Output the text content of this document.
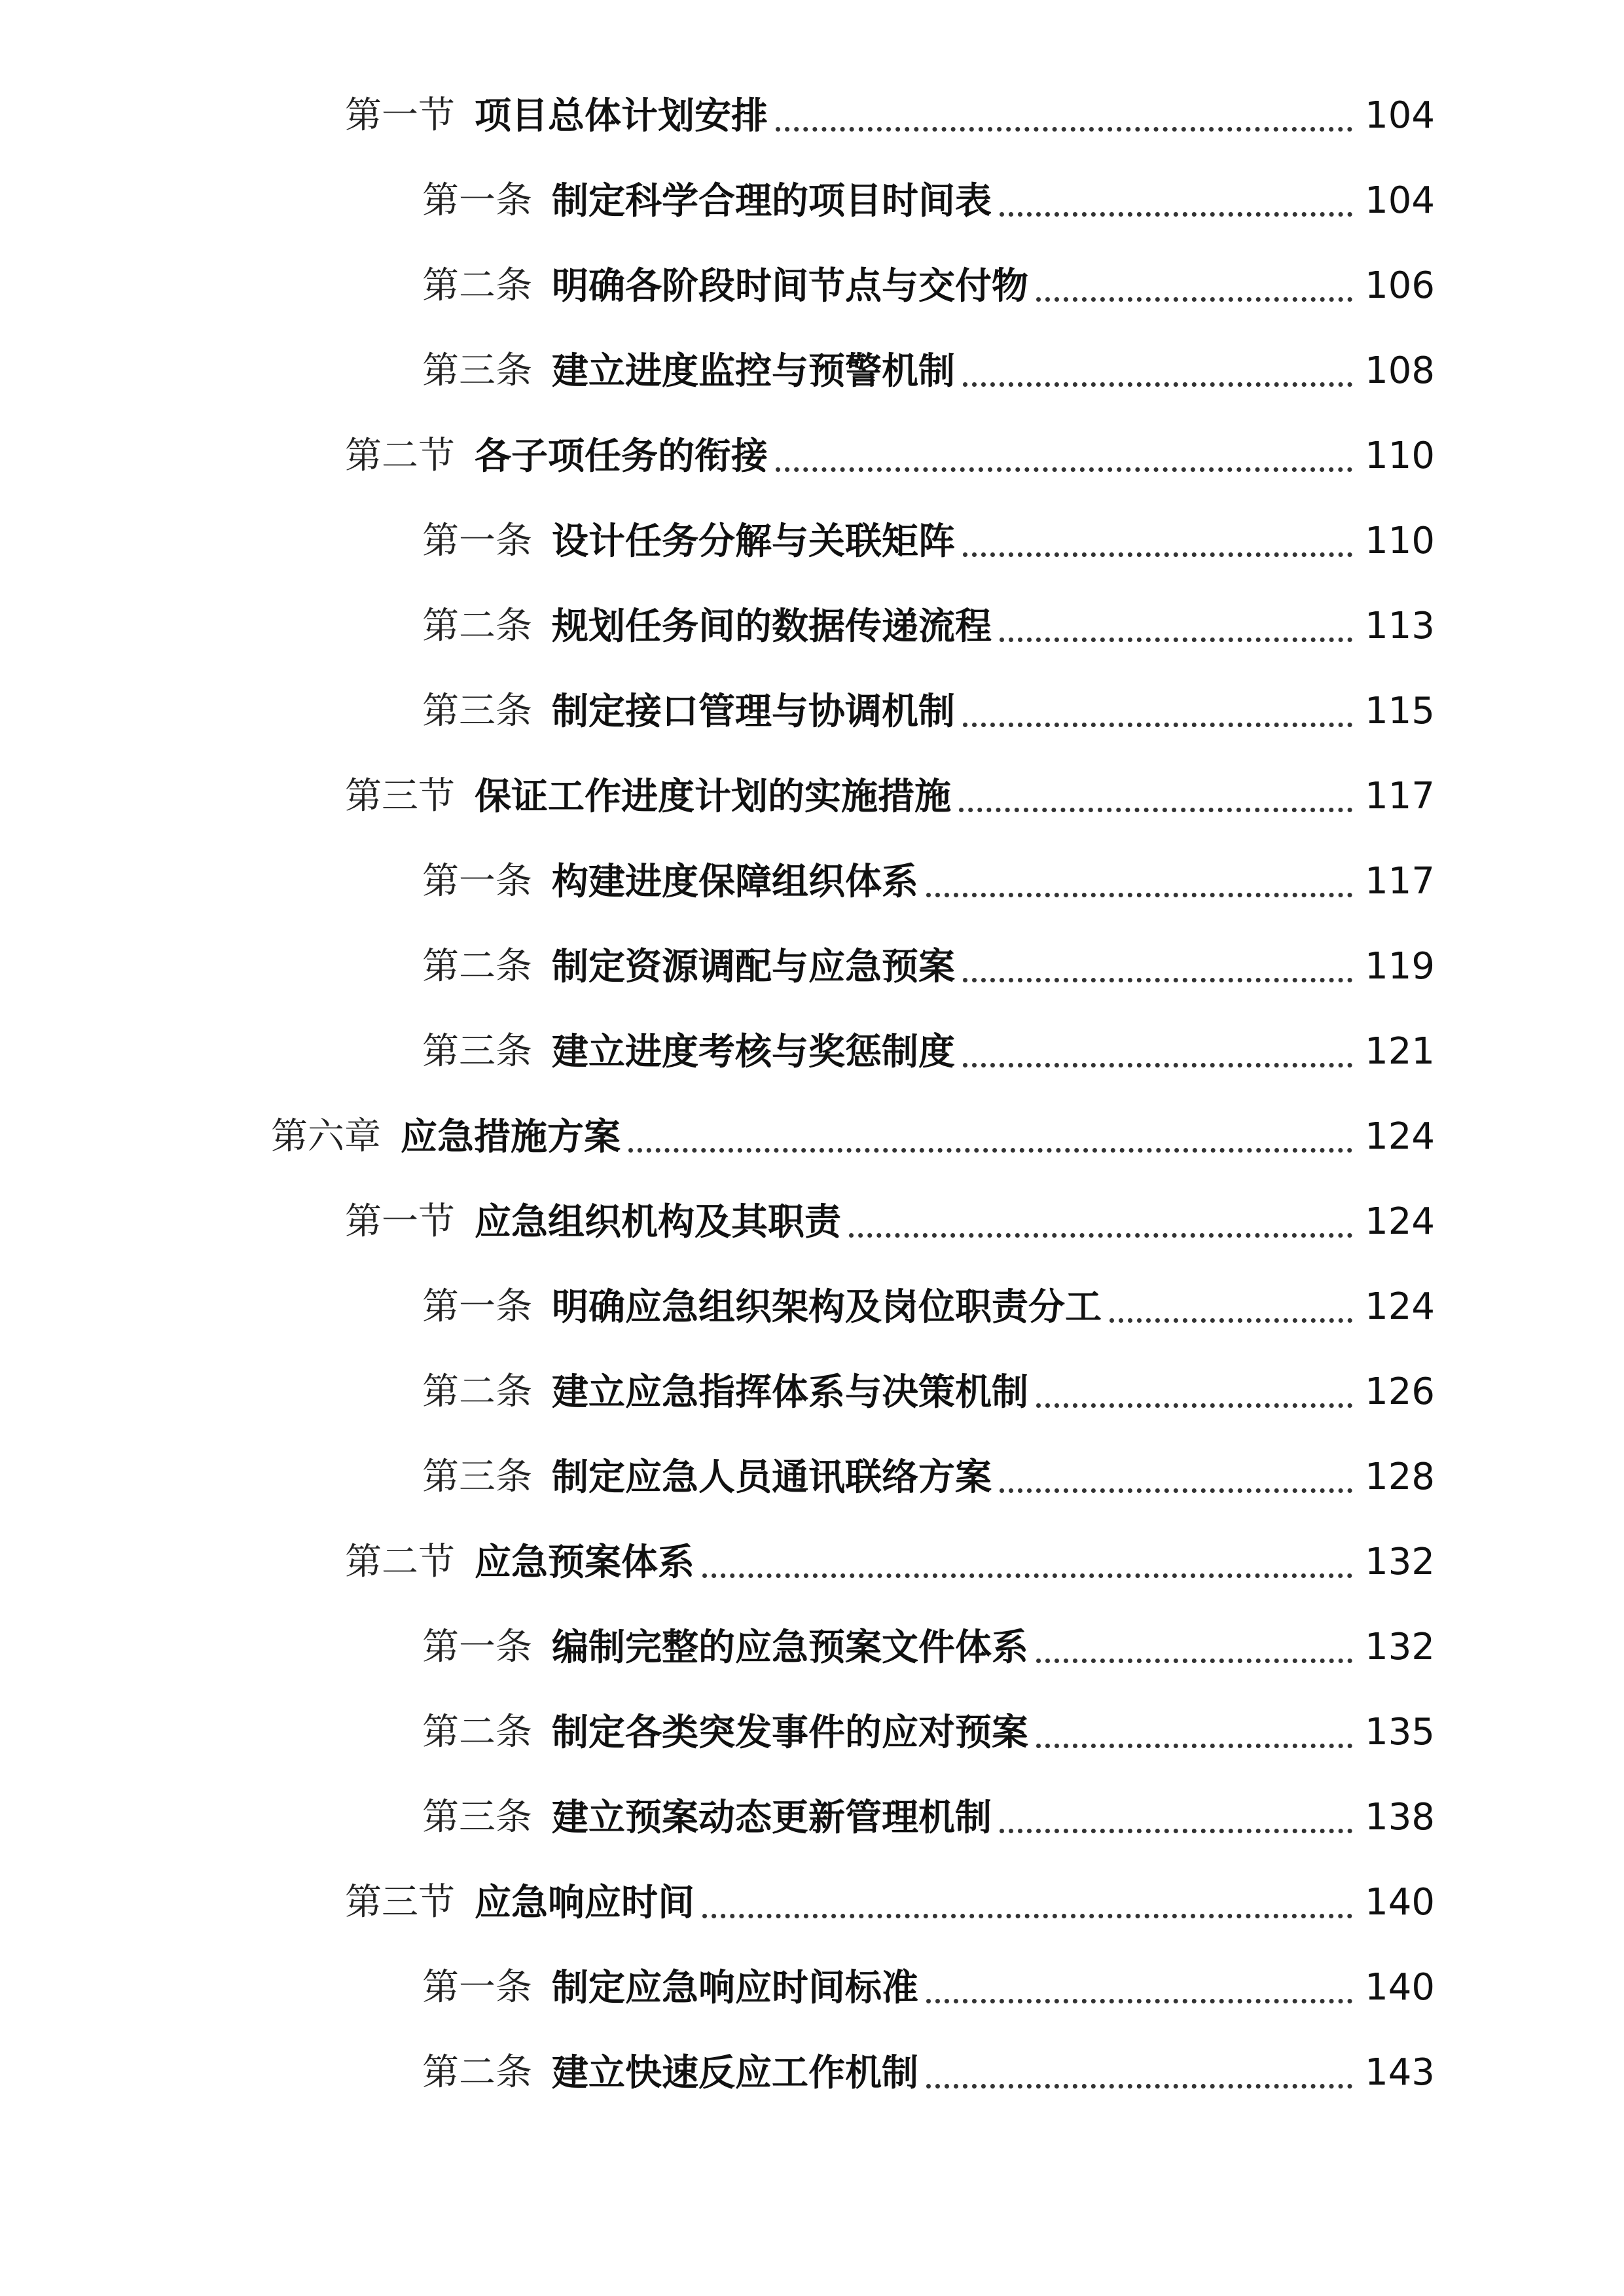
第一节 项目总体计划安排	104
第一条 制定科学合理的项目时间表	104
第二条 明确各阶段时间节点与交付物	106
第三条 建立进度监控与预警机制	108
第二节 各子项任务的衔接	110
第一条 设计任务分解与关联矩阵	110
第二条 规划任务间的数据传递流程	113
第三条 制定接口管理与协调机制	115
第三节 保证工作进度计划的实施措施	117
第一条 构建进度保障组织体系	117
第二条 制定资源调配与应急预案	119
第三条 建立进度考核与奖惩制度	121
第六章 应急措施方案	124
第一节 应急组织机构及其职责	124
第一条 明确应急组织架构及岗位职责分工	124
第二条 建立应急指挥体系与决策机制	126
第三条 制定应急人员通讯联络方案	128
第二节 应急预案体系	132
第一条 编制完整的应急预案文件体系	132
第二条 制定各类突发事件的应对预案	135
第三条 建立预案动态更新管理机制	138
第三节 应急响应时间	140
第一条 制定应急响应时间标准	140
第二条 建立快速反应工作机制	143
